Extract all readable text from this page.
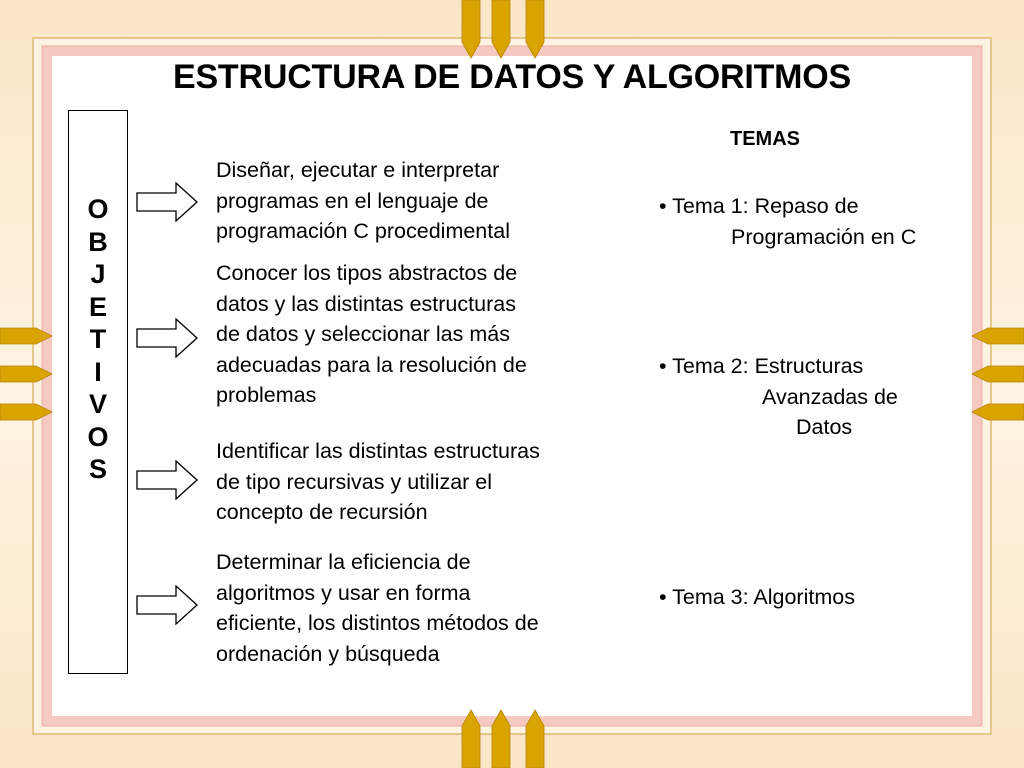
ESTRUCTURA DE DATOS Y ALGORITMOS
O
B
J
E
T
I
V
O
S
Diseñar, ejecutar e interpretar
programas en el lenguaje de
programación C procedimental
Conocer los tipos abstractos de
datos y las distintas estructuras
de datos y seleccionar las más
adecuadas para la resolución de
problemas
Identificar las distintas estructuras
de tipo recursivas y utilizar el
concepto de recursión
Determinar la eficiencia de
algoritmos y usar en forma
eficiente, los distintos métodos de
ordenación y búsqueda
TEMAS
• Tema 1: Repaso de
Programación en C
• Tema 2: Estructuras
Avanzadas de
Datos
• Tema 3: Algoritmos
